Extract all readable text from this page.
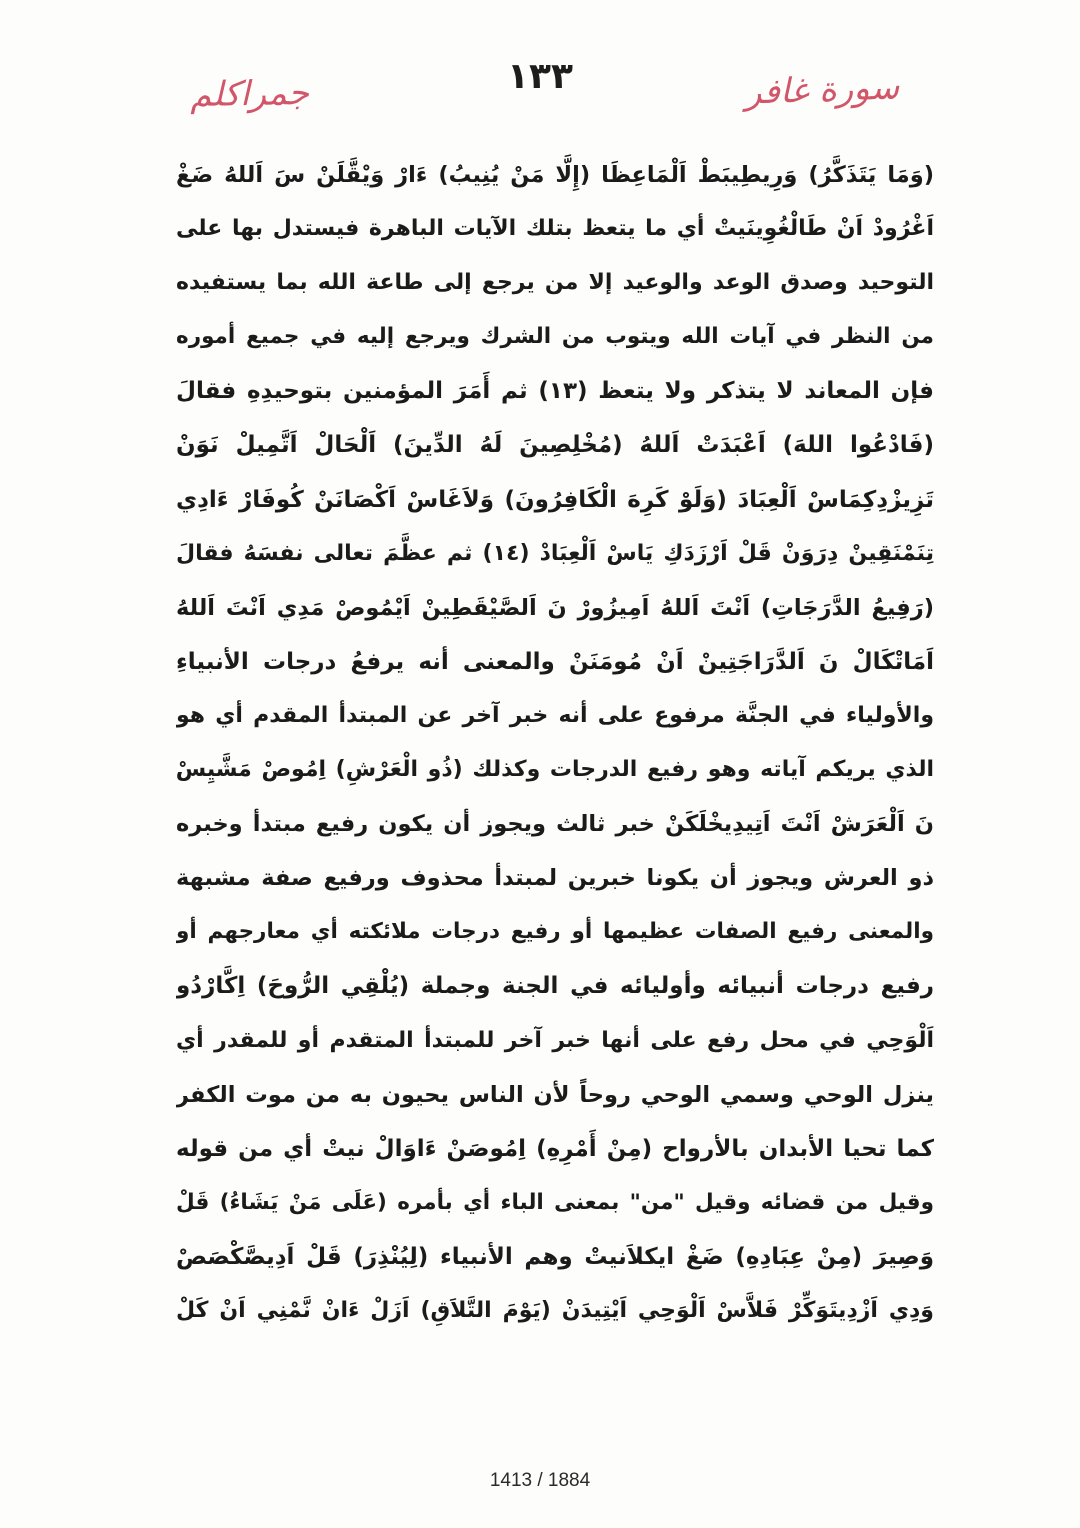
سورة غافر
١٣٣
جمراكلم
(وَمَا يَتَذَكَّرُ) وَرِيطِيبَطْ اَلْمَاعِظَا (إِلَّا مَنْ يُنِيبُ) ءَارْ وَيْقَّلَنْ سَ اَللهُ ضَغْ
اَغْرُودْ اَنْ طَالْغُوِينَيتْ أي ما يتعظ بتلك الآيات الباهرة فيستدل بها على
التوحيد وصدق الوعد والوعيد إلا من يرجع إلى طاعة الله بما يستفيده
من النظر في آيات الله ويتوب من الشرك ويرجع إليه في جميع أموره
فإن المعاند لا يتذكر ولا يتعظ (١٣) ثم أَمَرَ المؤمنين بتوحيدِهِ فقالَ
(فَادْعُوا اللهَ) اَعْبَدَتْ اَللهُ (مُخْلِصِينَ لَهُ الدِّينَ) اَلْحَالْ اَتَّمِيلْ نَوَنْ
تَزِيزْدِكِمَاسْ اَلْعِبَادَ (وَلَوْ كَرِهَ الْكَافِرُونَ) وَلاَغَاسْ اَكْصَانَنْ كُوفَارْ ءَادِي
تِنَمْنَقِينْ دِرَوَنْ قَلْ اَرْزَدَكِ يَاسْ اَلْعِبَادْ (١٤) ثم عظَّمَ تعالى نفسَهُ فقالَ
(رَفِيعُ الدَّرَجَاتِ) اَنْتَ اَللهُ اَمِيزُورْ نَ اَلصَّيْقَطِينْ اَيْمُوصْ مَدِي اَنْتَ اَللهُ
اَمَاتْكَالْ نَ اَلدَّرَاجَتِينْ اَنْ مُومَنَنْ والمعنى أنه يرفعُ درجات الأنبياءِ
والأولياء في الجنَّة مرفوع على أنه خبر آخر عن المبتدأ المقدم أي هو
الذي يريكم آياته وهو رفيع الدرجات وكذلك (ذُو الْعَرْشِ) اِمُوصْ مَشَّيِسْ
نَ اَلْعَرَشْ اَنْتَ اَتِيدِيخْلَكَنْ خبر ثالث ويجوز أن يكون رفيع مبتدأ وخبره
ذو العرش ويجوز أن يكونا خبرين لمبتدأ محذوف ورفيع صفة مشبهة
والمعنى رفيع الصفات عظيمها أو رفيع درجات ملائكته أي معارجهم أو
رفيع درجات أنبيائه وأوليائه في الجنة وجملة (يُلْقِي الرُّوحَ) اِكَّارْدُو
اَلْوَحِي في محل رفع على أنها خبر آخر للمبتدأ المتقدم أو للمقدر أي
ينزل الوحي وسمي الوحي روحاً لأن الناس يحيون به من موت الكفر
كما تحيا الأبدان بالأرواح (مِنْ أَمْرِهِ) اِمُوصَنْ ءَاوَالْ نيتْ أي من قوله
وقيل من قضائه وقيل "من" بمعنى الباء أي بأمره (عَلَى مَنْ يَشَاءُ) قَلْ
وَصِيرَ (مِنْ عِبَادِهِ) ضَغْ ايكلاَنيتْ وهم الأنبياء (لِيُنْذِرَ) قَلْ اَدِيصَّكْصَصْ
وَدِي اَزْدِيتَوَكِّرْ فَلاَّسْ اَلْوَحِي اَيْتِيدَنْ (يَوْمَ التَّلاَقِ) اَزَلْ ءَانْ نَّمْنِي اَنْ كَلْ
1413 / 1884
